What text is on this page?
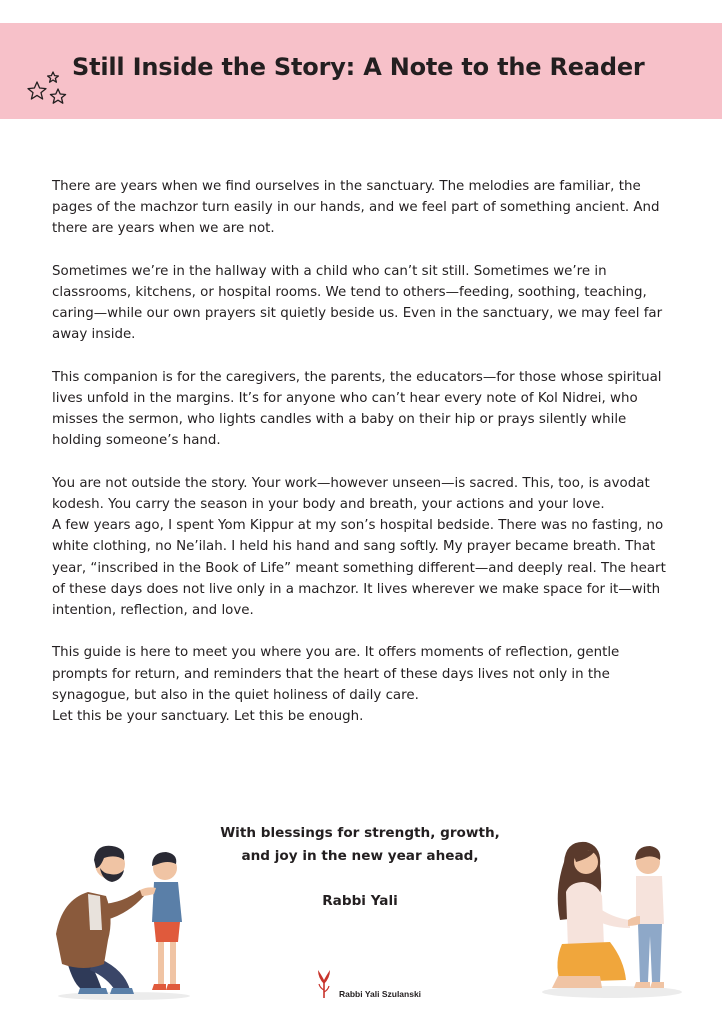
Still Inside the Story: A Note to the Reader

There are years when we find ourselves in the sanctuary. The melodies are familiar, the pages of the machzor turn easily in our hands, and we feel part of something ancient. And there are years when we are not.

Sometimes we’re in the hallway with a child who can’t sit still. Sometimes we’re in classrooms, kitchens, or hospital rooms. We tend to others—feeding, soothing, teaching, caring—while our own prayers sit quietly beside us. Even in the sanctuary, we may feel far away inside.

This companion is for the caregivers, the parents, the educators—for those whose spiritual lives unfold in the margins. It’s for anyone who can’t hear every note of Kol Nidrei, who misses the sermon, who lights candles with a baby on their hip or prays silently while holding someone’s hand.

You are not outside the story. Your work—however unseen—is sacred. This, too, is avodat kodesh. You carry the season in your body and breath, your actions and your love.

A few years ago, I spent Yom Kippur at my son’s hospital bedside. There was no fasting, no white clothing, no Ne’ilah. I held his hand and sang softly. My prayer became breath. That year, “inscribed in the Book of Life” meant something different—and deeply real. The heart of these days does not live only in a machzor. It lives wherever we make space for it—with intention, reflection, and love.

This guide is here to meet you where you are. It offers moments of reflection, gentle prompts for return, and reminders that the heart of these days lives not only in the synagogue, but also in the quiet holiness of daily care.

Let this be your sanctuary. Let this be enough.

With blessings for strength, growth,
and joy in the new year ahead,
Rabbi Yali
Rabbi Yali Szulanski
